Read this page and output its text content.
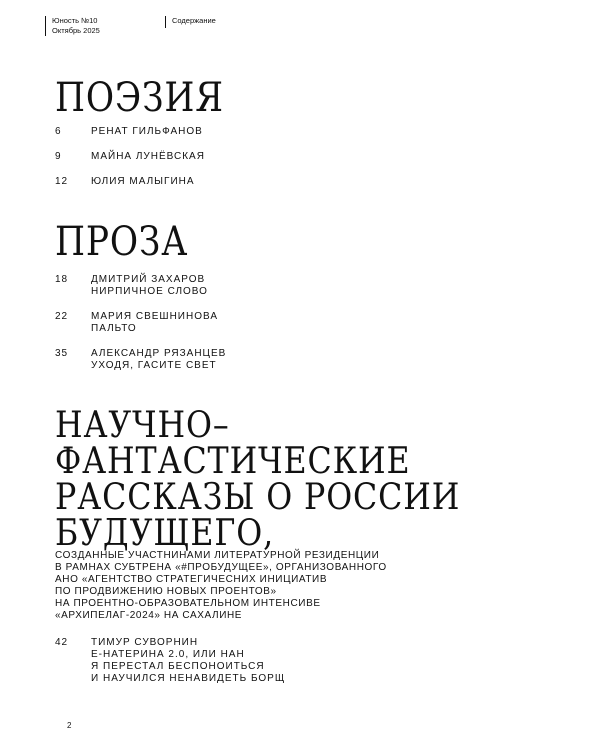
Юность №10
Октябрь 2025
Содержание
ПОЭЗИЯ
6	РЕНАТ ГИЛЬФАНОВ
9	МАЙНА ЛУНЁВСКАЯ
12	ЮЛИЯ МАЛЫГИНА
ПРОЗА
18	ДМИТРИЙ ЗАХАРОВ
НИРПИЧНОЕ СЛОВО
22	МАРИЯ СВЕШНИНОВА
ПАЛЬТО
35	АЛЕКСАНДР РЯЗАНЦЕВ
УХОДЯ, ГАСИТЕ СВЕТ
НАУЧНО–
ФАНТАСТИЧЕСКИЕ
РАССКАЗЫ О РОССИИ
БУДУЩЕГО,
СОЗДАННЫЕ УЧАСТНИНАМИ ЛИТЕРАТУРНОЙ РЕЗИДЕНЦИИ
В РАМНАХ СУБТРЕНА «#ПРОБУДУЩЕЕ», ОРГАНИЗОВАННОГО
АНО «АГЕНТСТВО СТРАТЕГИЧЕСНИХ ИНИЦИАТИВ
ПО ПРОДВИЖЕНИЮ НОВЫХ ПРОЕНТОВ»
НА ПРОЕНТНО-ОБРАЗОВАТЕЛЬНОМ ИНТЕНСИВЕ
«АРХИПЕЛАГ-2024» НА САХАЛИНЕ
42	ТИМУР СУВОРНИН
Е-НАТЕРИНА 2.0, ИЛИ НАН
Я ПЕРЕСТАЛ БЕСПОНОИТЬСЯ
И НАУЧИЛСЯ НЕНАВИДЕТЬ БОРЩ
2
